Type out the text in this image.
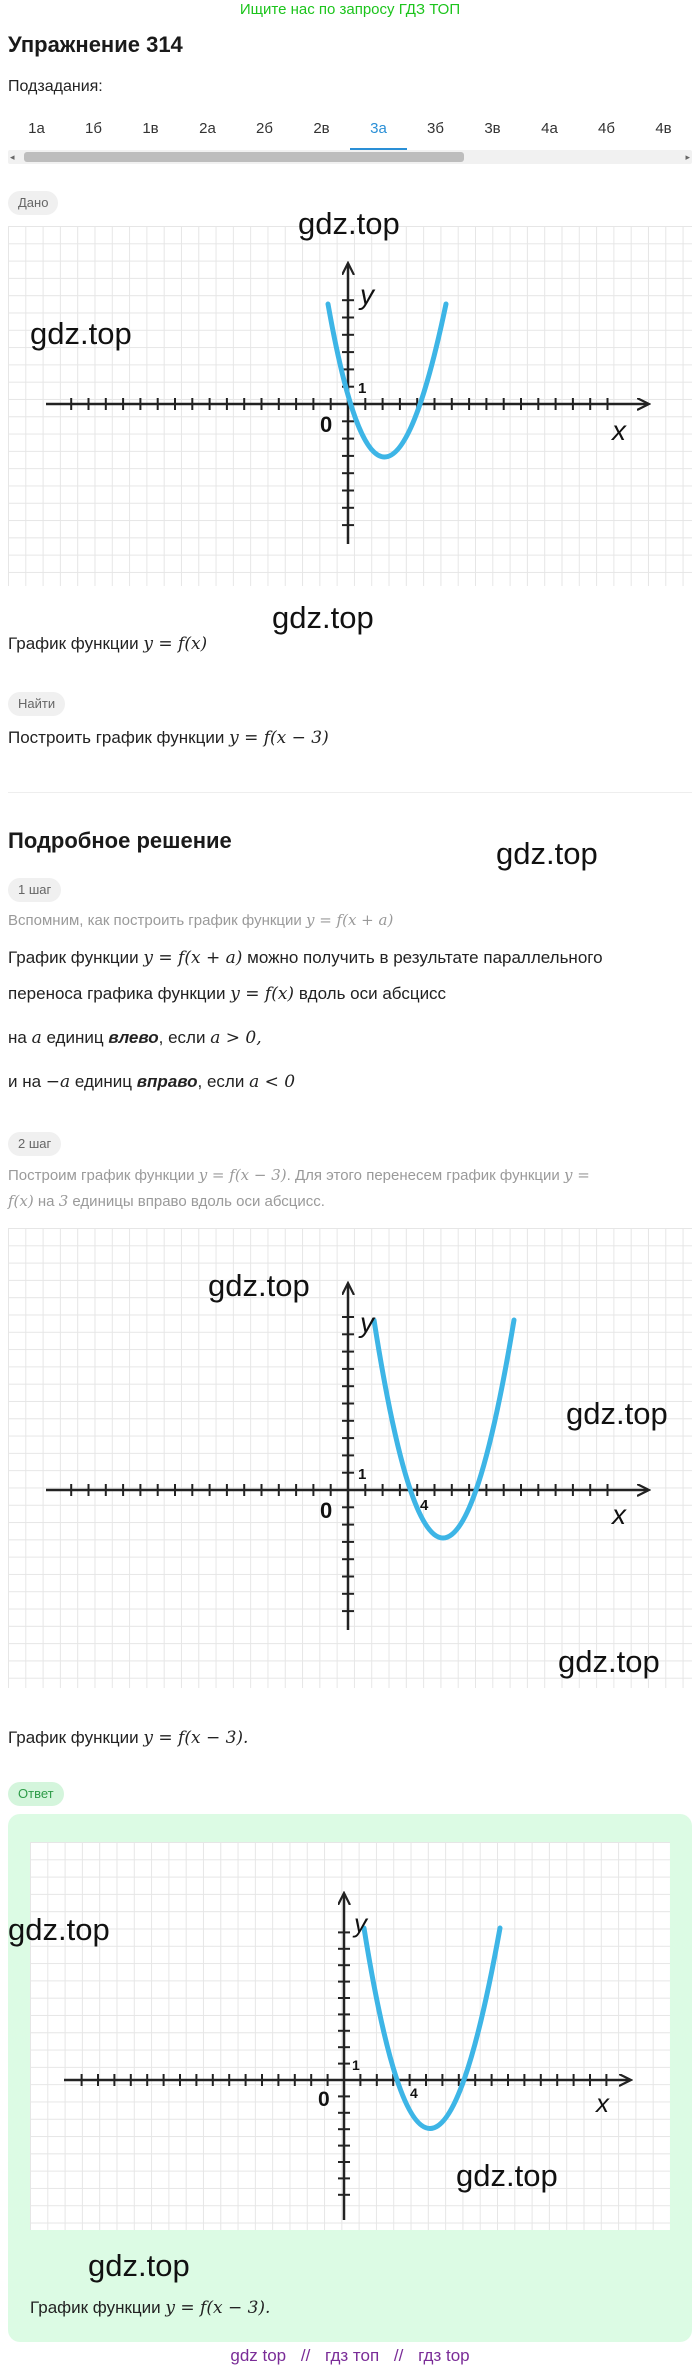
Ищите нас по запросу ГДЗ ТОП
Упражнение 314
Подзадания:
1а	1б	1в	2а	2б	2в	3а	3б	3в	4а	4б	4в
◂	▸
Дано
y
x
0
1
gdz.top
gdz.top
gdz.top
График функции y = f(x)
Найти
Построить график функции y = f(x − 3)
Подробное решение	gdz.top
1 шаг
Вспомним, как построить график функции y = f(x + a)
График функции y = f(x + a) можно получить в результате параллельного
переноса графика функции y = f(x) вдоль оси абсцисс
на a единиц влево, если a > 0,
и на −a единиц вправо, если a < 0
2 шаг
Построим график функции y = f(x − 3). Для этого перенесем график функции y =
f(x) на 3 единицы вправо вдоль оси абсцисс.
y
x
0
1
4
gdz.top
gdz.top
gdz.top
График функции y = f(x − 3).
Ответ
y
x
0
1
4
График функции y = f(x − 3).
gdz.top
gdz.top
gdz.top
gdz top // гдз топ // гдз top
